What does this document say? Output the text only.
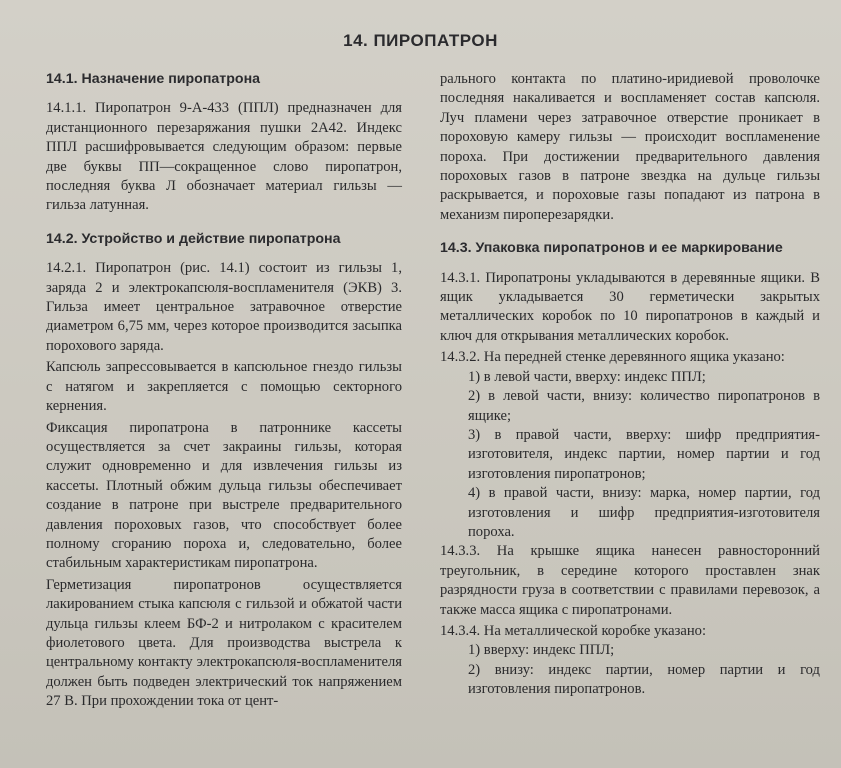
14. ПИРОПАТРОН
14.1. Назначение пиропатрона

14.1.1. Пиропатрон 9-А-433 (ППЛ) предназначен для дистанционного перезаряжания пушки 2А42. Индекс ППЛ расшифровывается следующим образом: первые две буквы ПП—сокращенное слово пиропатрон, последняя буква Л обозначает материал гильзы — гильза латунная.

14.2. Устройство и действие пиропатрона

14.2.1. Пиропатрон (рис. 14.1) состоит из гильзы 1, заряда 2 и электрокапсюля-воспламенителя (ЭКВ) 3. Гильза имеет центральное затравочное отверстие диаметром 6,75 мм, через которое производится засыпка порохового заряда.

Капсюль запрессовывается в капсюльное гнездо гильзы с натягом и закрепляется с помощью секторного кернения.

Фиксация пиропатрона в патроннике кассеты осуществляется за счет закраины гильзы, которая служит одновременно и для извлечения гильзы из кассеты. Плотный обжим дульца гильзы обеспечивает создание в патроне при выстреле предварительного давления пороховых газов, что способствует более полному сгоранию пороха и, следовательно, более стабильным характеристикам пиропатрона.

Герметизация пиропатронов осуществляется лакированием стыка капсюля с гильзой и обжатой части дульца гильзы клеем БФ-2 и нитролаком с красителем фиолетового цвета. Для производства выстрела к центральному контакту электрокапсюля-воспламенителя должен быть подведен электрический ток напряжением 27 В. При прохождении тока от цент-

рального контакта по платино-иридиевой проволочке последняя накаливается и воспламеняет состав капсюля. Луч пламени через затравочное отверстие проникает в пороховую камеру гильзы — происходит воспламенение пороха. При достижении предварительного давления пороховых газов в патроне звездка на дульце гильзы раскрывается, и пороховые газы попадают из патрона в механизм пироперезарядки.

14.3. Упаковка пиропатронов и ее маркирование

14.3.1. Пиропатроны укладываются в деревянные ящики. В ящик укладывается 30 герметически закрытых металлических коробок по 10 пиропатронов в каждый и ключ для открывания металлических коробок.

14.3.2. На передней стенке деревянного ящика указано:

1) в левой части, вверху: индекс ППЛ;

2) в левой части, внизу: количество пиропатронов в ящике;

3) в правой части, вверху: шифр предприятия-изготовителя, индекс партии, номер партии и год изготовления пиропатронов;

4) в правой части, внизу: марка, номер партии, год изготовления и шифр предприятия-изготовителя пороха.

14.3.3. На крышке ящика нанесен равносторонний треугольник, в середине которого проставлен знак разрядности груза в соответствии с правилами перевозок, а также масса ящика с пиропатронами.

14.3.4. На металлической коробке указано:

1) вверху: индекс ППЛ;

2) внизу: индекс партии, номер партии и год изготовления пиропатронов.
